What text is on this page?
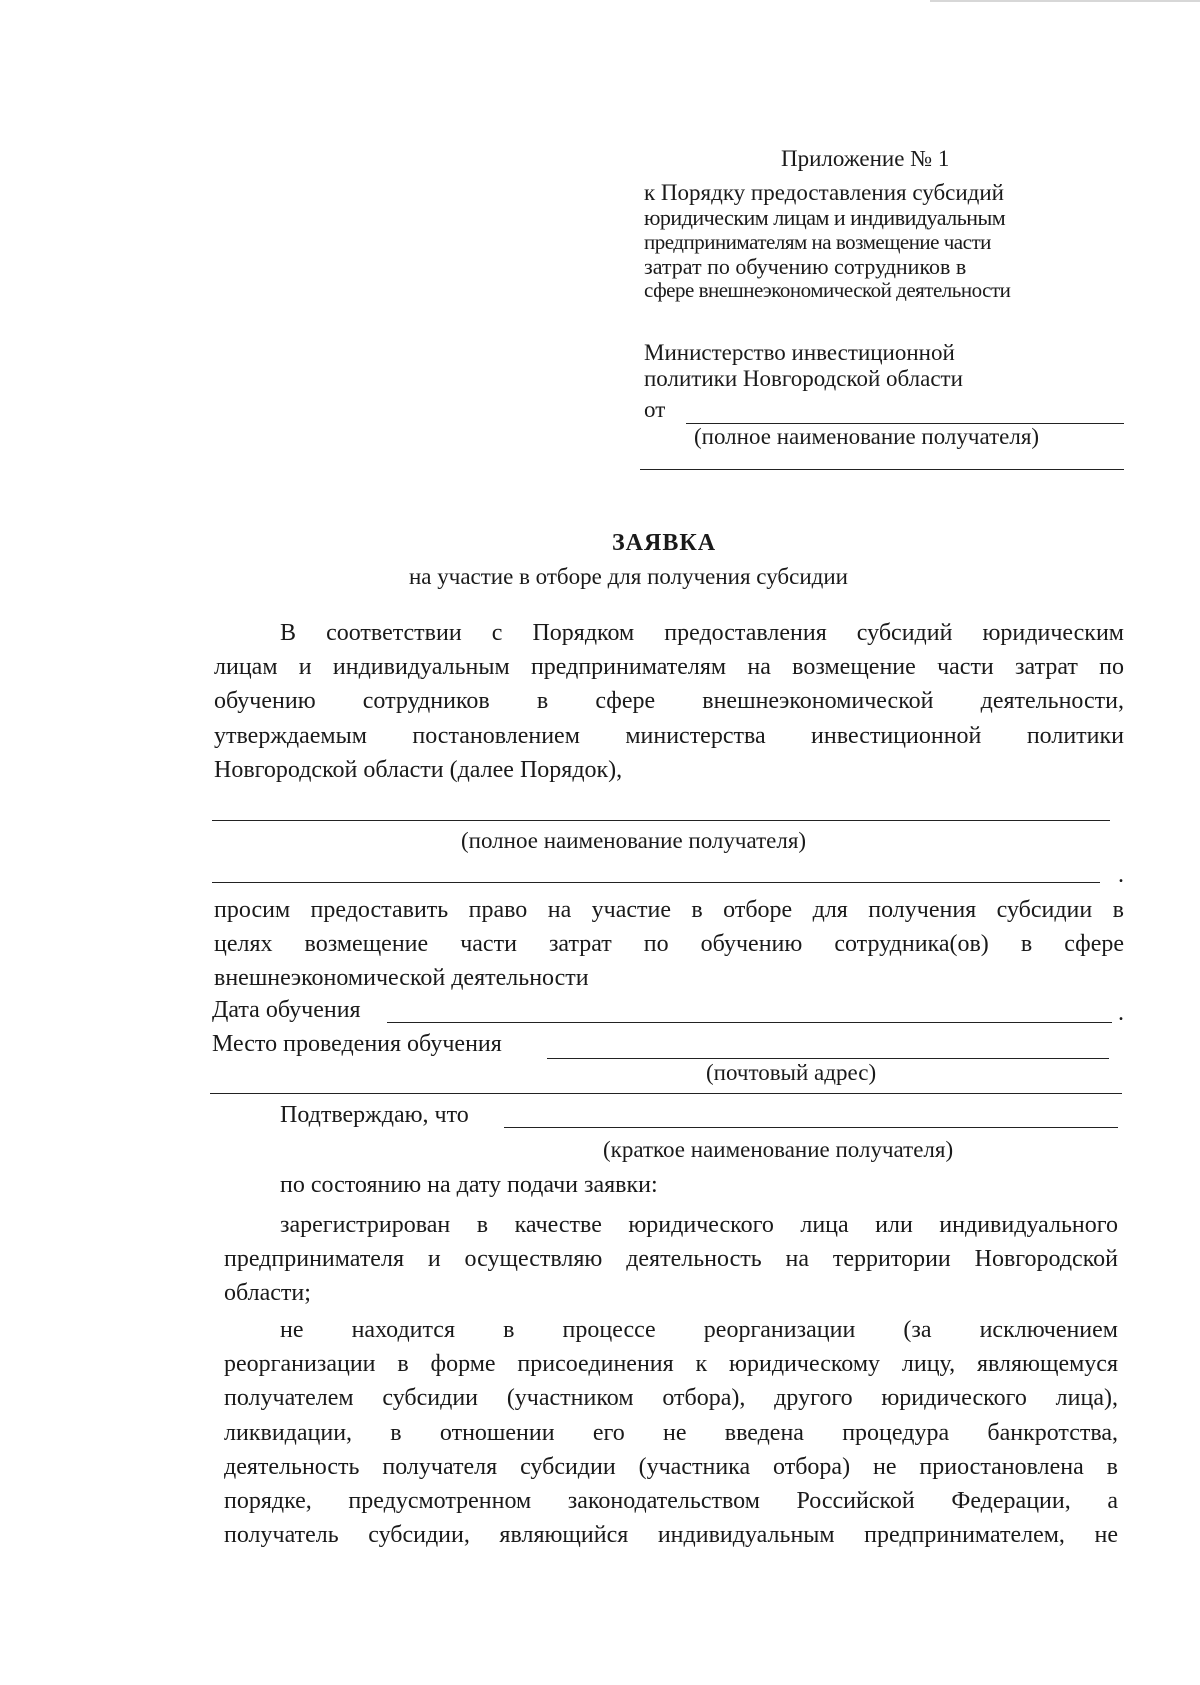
Приложение № 1
к Порядку предоставления субсидий
юридическим лицам и индивидуальным
предпринимателям на возмещение части
затрат по обучению сотрудников в
сфере внешнеэкономической деятельности
Министерство инвестиционной
политики Новгородской области
от
(полное наименование получателя)
ЗАЯВКА
на участие в отборе для получения субсидии
В соответствии с Порядком предоставления субсидий юридическим
лицам и индивидуальным предпринимателям на возмещение части затрат по
обучению сотрудников в сфере внешнеэкономической деятельности,
утверждаемым постановлением министерства инвестиционной политики
Новгородской области (далее Порядок),
(полное наименование получателя)
.
просим предоставить право на участие в отборе для получения субсидии в
целях возмещение части затрат по обучению сотрудника(ов) в сфере
внешнеэкономической деятельности
Дата обучения	.
Место проведения обучения
(почтовый адрес)
Подтверждаю, что
(краткое наименование получателя)
по состоянию на дату подачи заявки:
зарегистрирован в качестве юридического лица или индивидуального
предпринимателя и осуществляю деятельность на территории Новгородской
области;
не находится в процессе реорганизации (за исключением
реорганизации в форме присоединения к юридическому лицу, являющемуся
получателем субсидии (участником отбора), другого юридического лица),
ликвидации, в отношении его не введена процедура банкротства,
деятельность получателя субсидии (участника отбора) не приостановлена в
порядке, предусмотренном законодательством Российской Федерации, а
получатель субсидии, являющийся индивидуальным предпринимателем, не
